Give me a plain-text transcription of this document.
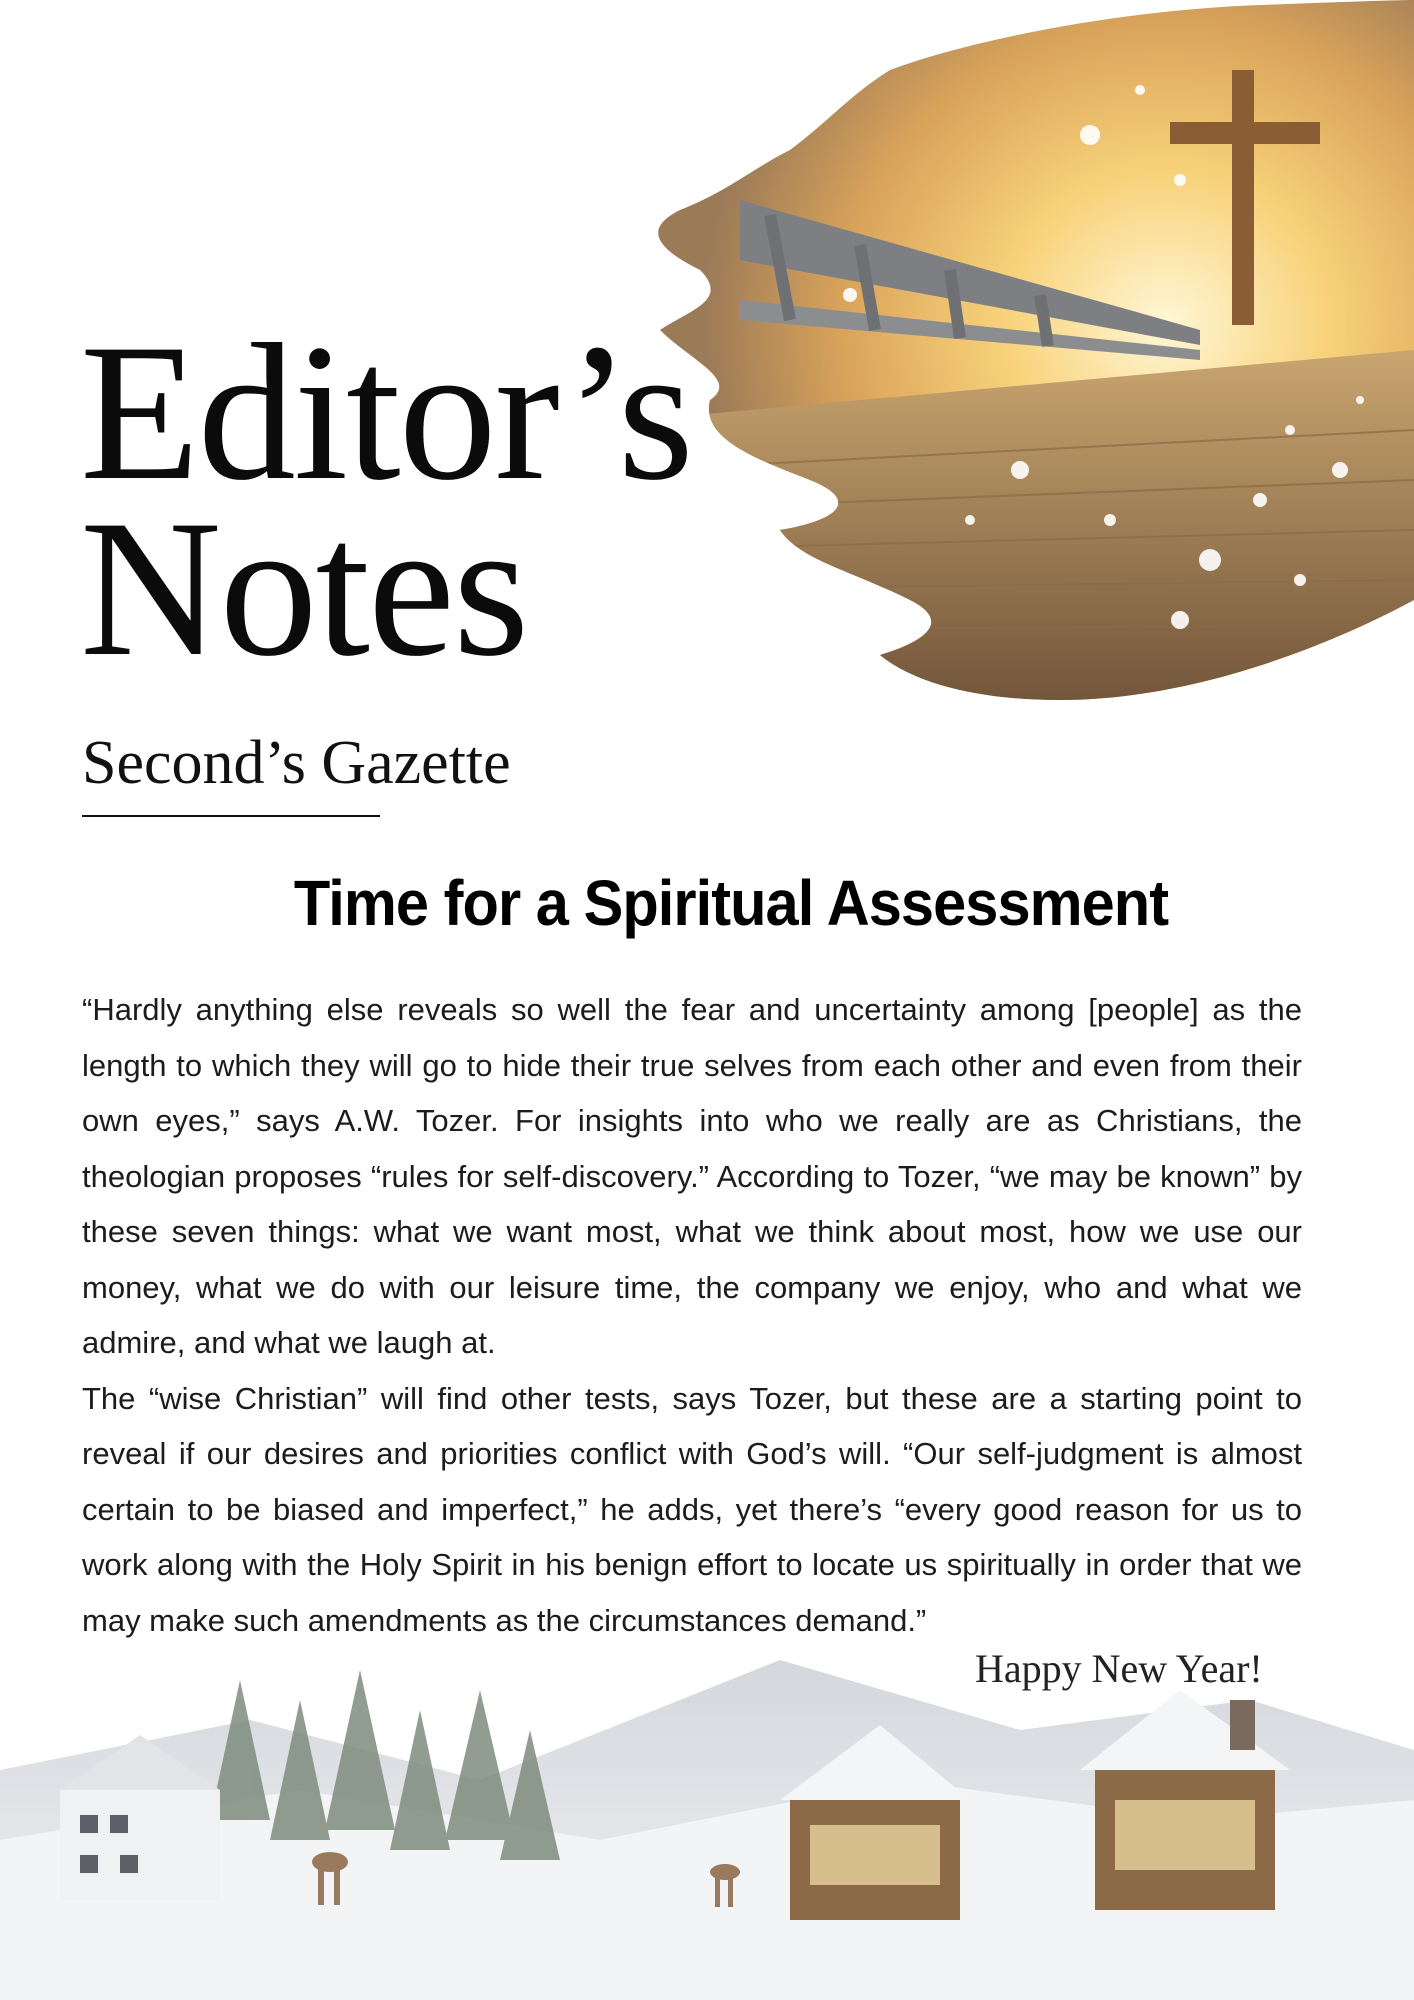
Editor’s
Notes
Second’s Gazette
Time for a Spiritual Assessment

“Hardly anything else reveals so well the fear and uncertainty among [people] as the length to which they will go to hide their true selves from each other and even from their own eyes,” says A.W. Tozer. For insights into who we really are as Christians, the theologian proposes “rules for self-discovery.” According to Tozer, “we may be known” by these seven things: what we want most, what we think about most, how we use our money, what we do with our leisure time, the company we enjoy, who and what we admire, and what we laugh at.

The “wise Christian” will find other tests, says Tozer, but these are a starting point to reveal if our desires and priorities conflict with God’s will. “Our self-judgment is almost certain to be biased and imperfect,” he adds, yet there’s “every good reason for us to work along with the Holy Spirit in his benign effort to locate us spiritually in order that we may make such amendments as the circumstances demand.”

Happy New Year!
